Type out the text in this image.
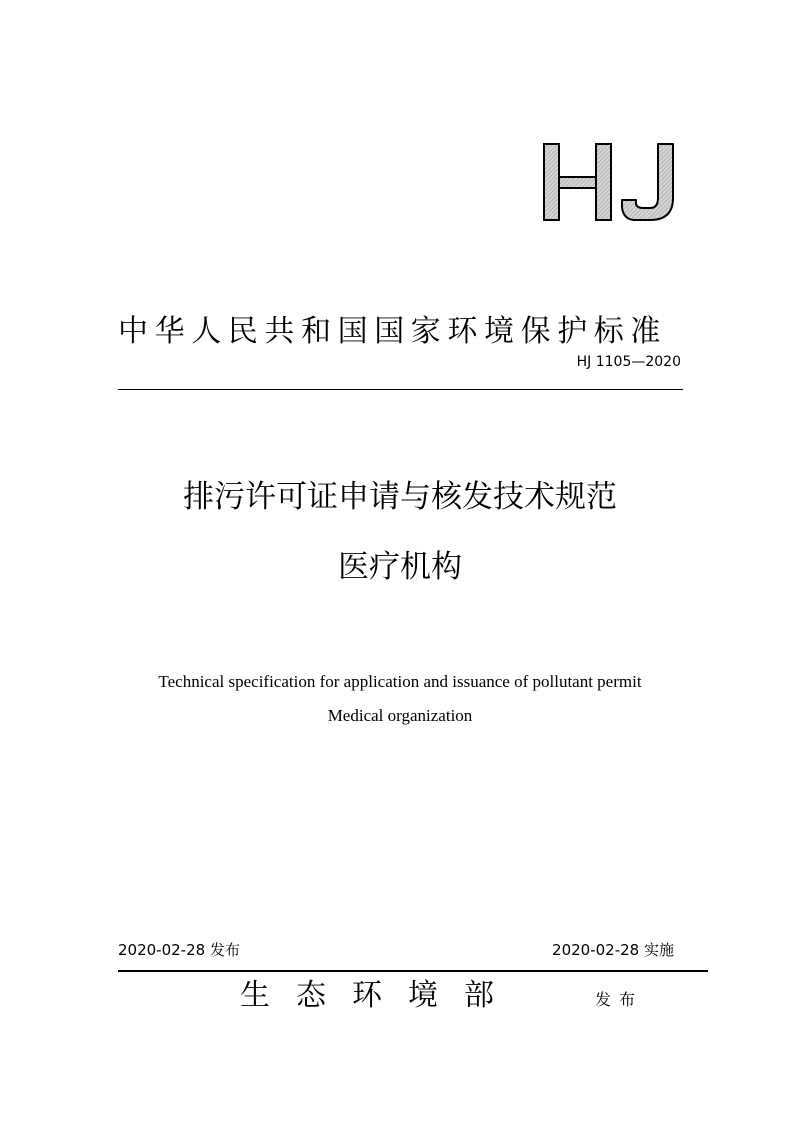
中华人民共和国国家环境保护标准
HJ 1105—2020
排污许可证申请与核发技术规范
医疗机构
Technical specification for application and issuance of pollutant permit
Medical organization
2020-02-28 发布	2020-02-28 实施
生态环境部	发布
